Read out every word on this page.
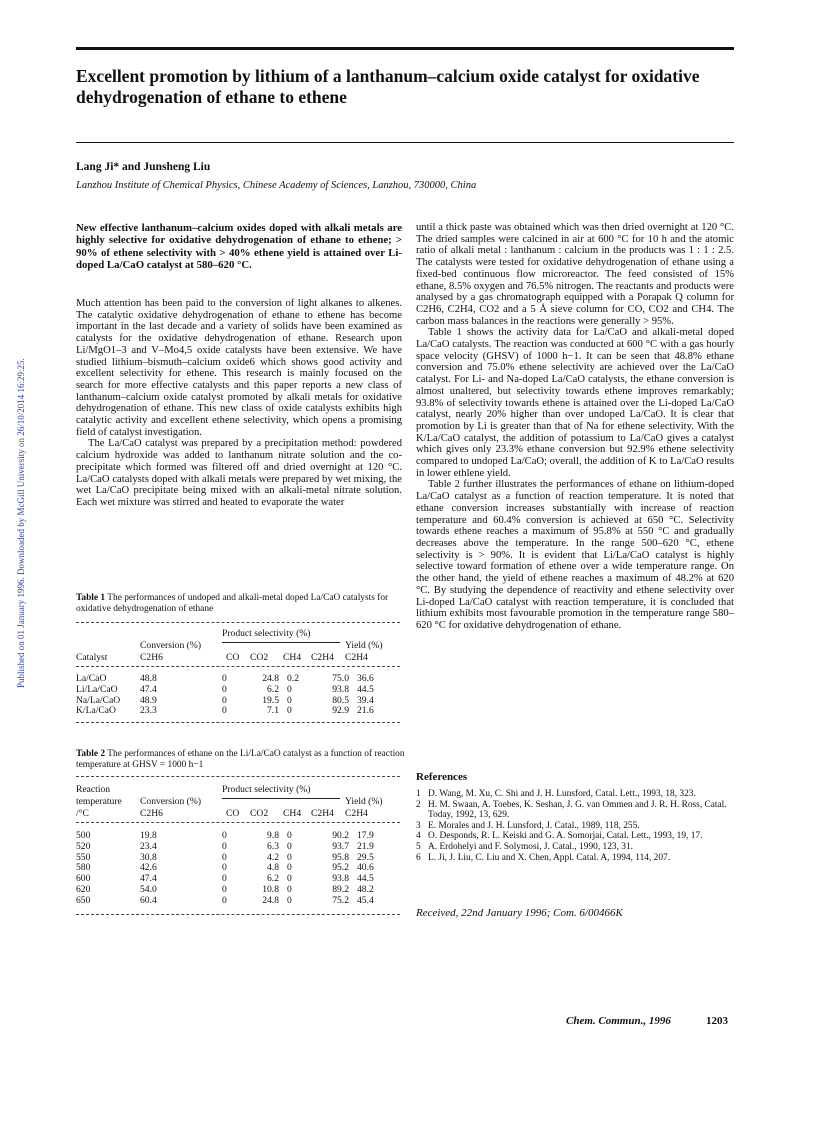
Published on 01 January 1996. Downloaded by McGill University on 26/10/2014 16:29:25.
Excellent promotion by lithium of a lanthanum–calcium oxide catalyst for oxidative dehydrogenation of ethane to ethene
Lang Ji* and Junsheng Liu
Lanzhou Institute of Chemical Physics, Chinese Academy of Sciences, Lanzhou, 730000, China
New effective lanthanum–calcium oxides doped with alkali metals are highly selective for oxidative dehydrogenation of ethane to ethene; > 90% of ethene selectivity with > 40% ethene yield is attained over Li-doped La/CaO catalyst at 580–620 °C.

Much attention has been paid to the conversion of light alkanes to alkenes. The catalytic oxidative dehydrogenation of ethane to ethene has become important in the last decade and a variety of solids have been examined as catalysts for the oxidative dehydrogenation of ethane. Research upon Li/MgO1–3 and V–Mo4,5 oxide catalysts have been extensive. We have studied lithium–bismuth–calcium oxide6 which shows good activity and excellent selectivity for ethene. This research is mainly focused on the search for more effective catalysts and this paper reports a new class of lanthanum–calcium oxide catalyst promoted by alkali metals for oxidative dehydrogenation of ethane. This new class of oxide catalysts exhibits high catalytic activity and excellent ethene selectivity, which opens a promising field of catalyst investigation.

The La/CaO catalyst was prepared by a precipitation method: powdered calcium hydroxide was added to lanthanum nitrate solution and the co-precipitate which formed was filtered off and dried overnight at 120 °C. La/CaO catalysts doped with alkali metals were prepared by wet mixing, the wet La/CaO precipitate being mixed with an alkali-metal nitrate solution. Each wet mixture was stirred and heated to evaporate the water

Table 1 The performances of undoped and alkali-metal doped La/CaO catalysts for oxidative dehydrogenation of ethane
Product selectivity (%)
Conversion (%)	Yield (%)
Catalyst	C2H6	C2H4
CO CO2 CH4 C2H4
La/CaO	48.8	0	24.8	0.2	75.0	36.6
Li/La/CaO	47.4	0	6.2	0	93.8	44.5
Na/La/CaO	48.9	0	19.5	0	80.5	39.4
K/La/CaO	23.3	0	7.1	0	92.9	21.6
Table 2 The performances of ethane on the Li/La/CaO catalyst as a function of reaction temperature at GHSV = 1000 h−1
Reaction	Product selectivity (%)
temperature Conversion (%)	Yield (%)
/°C	C2H6	C2H4
CO CO2 CH4 C2H4
500	19.8	0	9.8	0	90.2	17.9
520	23.4	0	6.3	0	93.7	21.9
550	30.8	0	4.2	0	95.8	29.5
580	42.6	0	4.8	0	95.2	40.6
600	47.4	0	6.2	0	93.8	44.5
620	54.0	0	10.8	0	89.2	48.2
650	60.4	0	24.8	0	75.2	45.4

until a thick paste was obtained which was then dried overnight at 120 °C. The dried samples were calcined in air at 600 °C for 10 h and the atomic ratio of alkali metal : lanthanum : calcium in the products was 1 : 1 : 2.5. The catalysts were tested for oxidative dehydrogenation of ethane using a fixed-bed continuous flow microreactor. The feed consisted of 15% ethane, 8.5% oxygen and 76.5% nitrogen. The reactants and products were analysed by a gas chromatograph equipped with a Porapak Q column for C2H6, C2H4, CO2 and a 5 Å sieve column for CO, CO2 and CH4. The carbon mass balances in the reactions were generally > 95%.

Table 1 shows the activity data for La/CaO and alkali-metal doped La/CaO catalysts. The reaction was conducted at 600 °C with a gas hourly space velocity (GHSV) of 1000 h−1. It can be seen that 48.8% ethane conversion and 75.0% ethene selectivity are achieved over the La/CaO catalyst. For Li- and Na-doped La/CaO catalysts, the ethane conversion is almost unaltered, but selectivity towards ethene improves remarkably; 93.8% of selectivity towards ethene is attained over the Li-doped La/CaO catalyst, nearly 20% higher than over undoped La/CaO. It is clear that promotion by Li is greater than that of Na for ethene selectivity. With the K/La/CaO catalyst, the addition of potassium to La/CaO gives a catalyst which gives only 23.3% ethane conversion but 92.9% ethene selectivity compared to undoped La/CaO; overall, the addition of K to La/CaO results in lower ethlene yield.

Table 2 further illustrates the performances of ethane on lithium-doped La/CaO catalyst as a function of reaction temperature. It is noted that ethane conversion increases substantially with increase of reaction temperature and 60.4% conversion is achieved at 650 °C. Selectivity towards ethene reaches a maximum of 95.8% at 550 °C and gradually decreases above the temperature. In the range 500–620 °C, ethene selectivity is > 90%. It is evident that Li/La/CaO catalyst is highly selective toward formation of ethene over a wide temperature range. On the other hand, the yield of ethene reaches a maximum of 48.2% at 620 °C. By studying the dependence of reactivity and ethene selectivity over Li-doped La/CaO catalyst with reaction temperature, it is concluded that lithium exhibits most favourable promotion in the temperature range 580–620 °C for oxidative dehydrogenation of ethane.

References
1 D. Wang, M. Xu, C. Shi and J. H. Lunsford, Catal. Lett., 1993, 18, 323.
2 H. M. Swaan, A. Toebes, K. Seshan, J. G. van Ommen and J. R. H. Ross, Catal. Today, 1992, 13, 629.
3 E. Morales and J. H. Lunsford, J. Catal., 1989, 118, 255.
4 O. Desponds, R. L. Keiski and G. A. Somorjai, Catal. Lett., 1993, 19, 17.
5 A. Erdohelyi and F. Solymosi, J. Catal., 1990, 123, 31.
6 L. Ji, J. Liu, C. Liu and X. Chen, Appl. Catal. A, 1994, 114, 207.
Received, 22nd January 1996; Com. 6/00466K
Chem. Commun., 1996	1203
